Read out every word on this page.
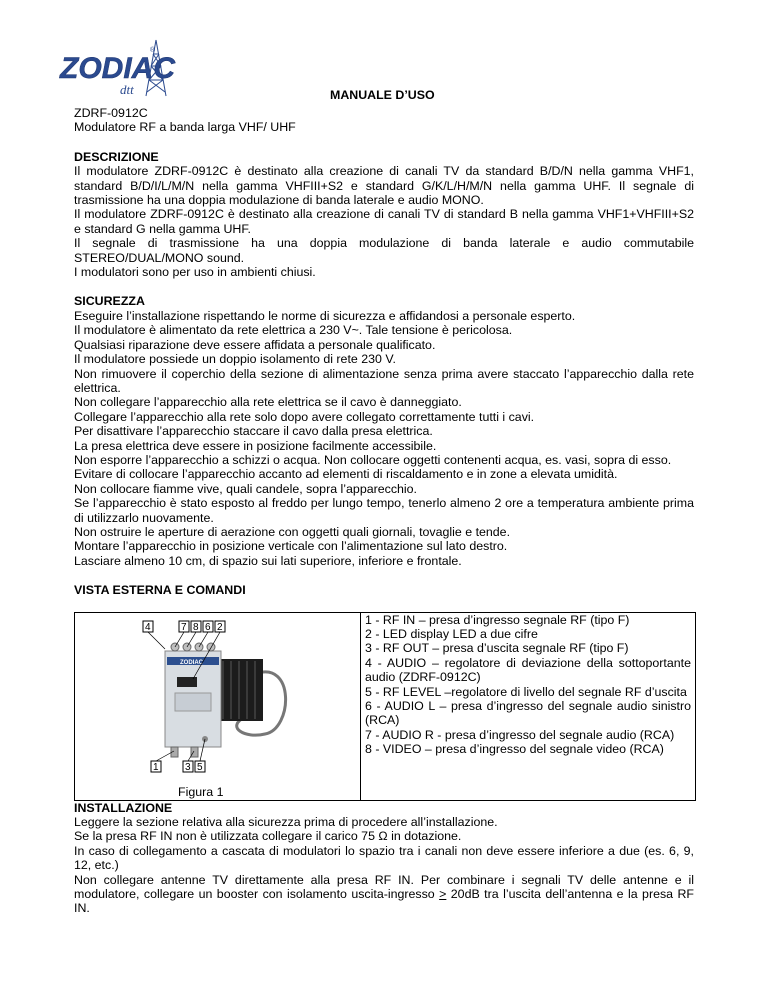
ZODIAC
®
dtt	MANUALE D’USO

ZDRF-0912C

Modulatore RF a banda larga VHF/ UHF

DESCRIZIONE

Il modulatore ZDRF-0912C è destinato alla creazione di canali TV da standard B/D/N nella gamma VHF1, standard B/D/I/L/M/N nella gamma VHFIII+S2 e standard G/K/L/H/M/N nella gamma UHF. Il segnale di trasmissione ha una doppia modulazione di banda laterale e audio MONO.

Il modulatore ZDRF-0912C è destinato alla creazione di canali TV di standard B nella gamma VHF1+VHFIII+S2 e standard G nella gamma UHF.

Il segnale di trasmissione ha una doppia modulazione di banda laterale e audio commutabile STEREO/DUAL/MONO sound.

I modulatori sono per uso in ambienti chiusi.

SICUREZZA

Eseguire l’installazione rispettando le norme di sicurezza e affidandosi a personale esperto.

Il modulatore è alimentato da rete elettrica a 230 V~. Tale tensione è pericolosa.

Qualsiasi riparazione deve essere affidata a personale qualificato.

Il modulatore possiede un doppio isolamento di rete 230 V.

Non rimuovere il coperchio della sezione di alimentazione senza prima avere staccato l’apparecchio dalla rete elettrica.

Non collegare l’apparecchio alla rete elettrica se il cavo è danneggiato.

Collegare l’apparecchio alla rete solo dopo avere collegato correttamente tutti i cavi.

Per disattivare l’apparecchio staccare il cavo dalla presa elettrica.

La presa elettrica deve essere in posizione facilmente accessibile.

Non esporre l’apparecchio a schizzi o acqua. Non collocare oggetti contenenti acqua, es. vasi, sopra di esso.

Evitare di collocare l’apparecchio accanto ad elementi di riscaldamento e in zone a elevata umidità.

Non collocare fiamme vive, quali candele, sopra l’apparecchio.

Se l’apparecchio è stato esposto al freddo per lungo tempo, tenerlo almeno 2 ore a temperatura ambiente prima di utilizzarlo nuovamente.

Non ostruire le aperture di aerazione con oggetti quali giornali, tovaglie e tende.

Montare l’apparecchio in posizione verticale con l’alimentazione sul lato destro.

Lasciare almeno 10 cm, di spazio sui lati superiore, inferiore e frontale.

VISTA ESTERNA E COMANDI

ZODIAC
4	7 8 6 2
1	3 5
Figura 1

1 - RF IN – presa d’ingresso segnale RF (tipo F)

2 - LED display LED a due cifre

3 - RF OUT – presa d’uscita segnale RF (tipo F)

4 - AUDIO – regolatore di deviazione della sottoportante audio (ZDRF-0912C)

5 - RF LEVEL –regolatore di livello del segnale RF d’uscita

6 - AUDIO L – presa d’ingresso del segnale audio sinistro (RCA)

7 - AUDIO R - presa d’ingresso del segnale audio (RCA)

8 - VIDEO – presa d’ingresso del segnale video (RCA)

INSTALLAZIONE

Leggere la sezione relativa alla sicurezza prima di procedere all’installazione.

Se la presa RF IN non è utilizzata collegare il carico 75 Ω in dotazione.

In caso di collegamento a cascata di modulatori lo spazio tra i canali non deve essere inferiore a due (es. 6, 9, 12, etc.)

Non collegare antenne TV direttamente alla presa RF IN. Per combinare i segnali TV delle antenne e il modulatore, collegare un booster con isolamento uscita-ingresso ≥ 20dB tra l’uscita dell’antenna e la presa RF IN.
